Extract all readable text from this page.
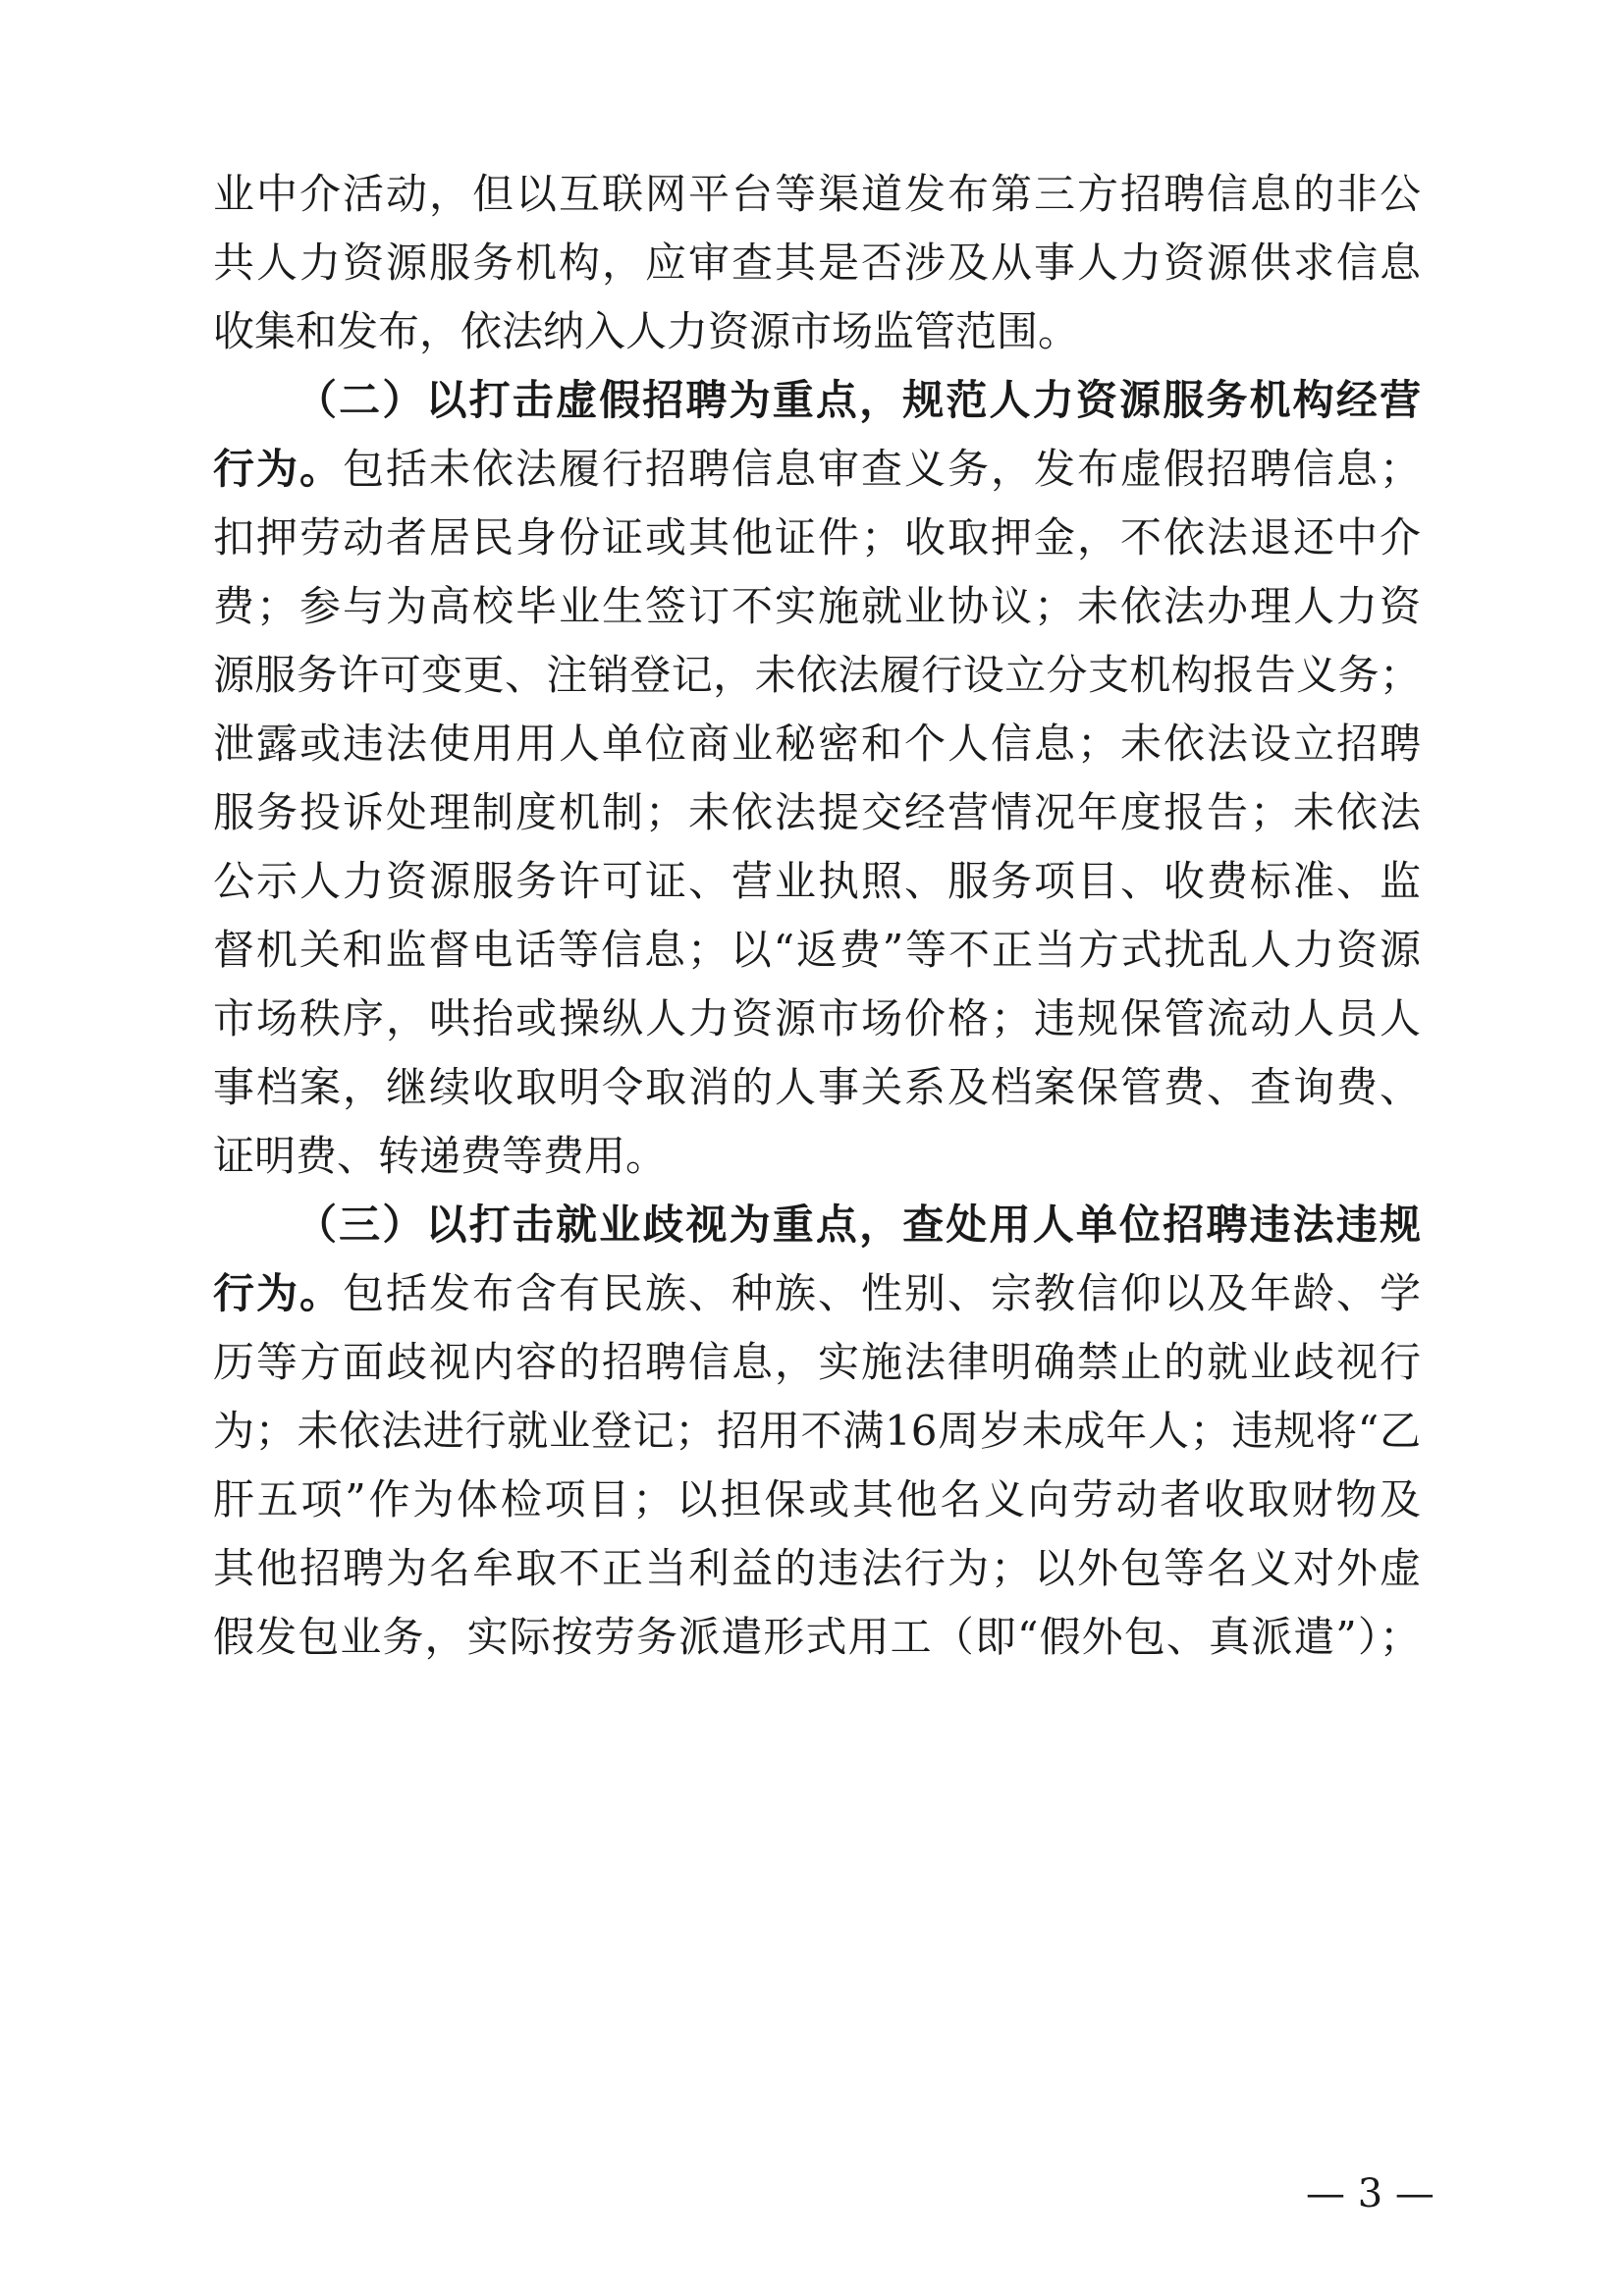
业中介活动，但以互联网平台等渠道发布第三方招聘信息的非公
共人力资源服务机构，应审查其是否涉及从事人力资源供求信息
收集和发布，依法纳入人力资源市场监管范围。
（二）以打击虚假招聘为重点，规范人力资源服务机构经营
行为。包括未依法履行招聘信息审查义务，发布虚假招聘信息；
扣押劳动者居民身份证或其他证件；收取押金，不依法退还中介
费；参与为高校毕业生签订不实施就业协议；未依法办理人力资
源服务许可变更、注销登记，未依法履行设立分支机构报告义务；
泄露或违法使用用人单位商业秘密和个人信息；未依法设立招聘
服务投诉处理制度机制；未依法提交经营情况年度报告；未依法
公示人力资源服务许可证、营业执照、服务项目、收费标准、监
督机关和监督电话等信息；以“返费”等不正当方式扰乱人力资源
市场秩序，哄抬或操纵人力资源市场价格；违规保管流动人员人
事档案，继续收取明令取消的人事关系及档案保管费、查询费、
证明费、转递费等费用。
（三）以打击就业歧视为重点，查处用人单位招聘违法违规
行为。包括发布含有民族、种族、性别、宗教信仰以及年龄、学
历等方面歧视内容的招聘信息，实施法律明确禁止的就业歧视行
为；未依法进行就业登记；招用不满16周岁未成年人；违规将“乙
肝五项”作为体检项目；以担保或其他名义向劳动者收取财物及
其他招聘为名牟取不正当利益的违法行为；以外包等名义对外虚
假发包业务，实际按劳务派遣形式用工（即“假外包、真派遣”）；
— 3 —
